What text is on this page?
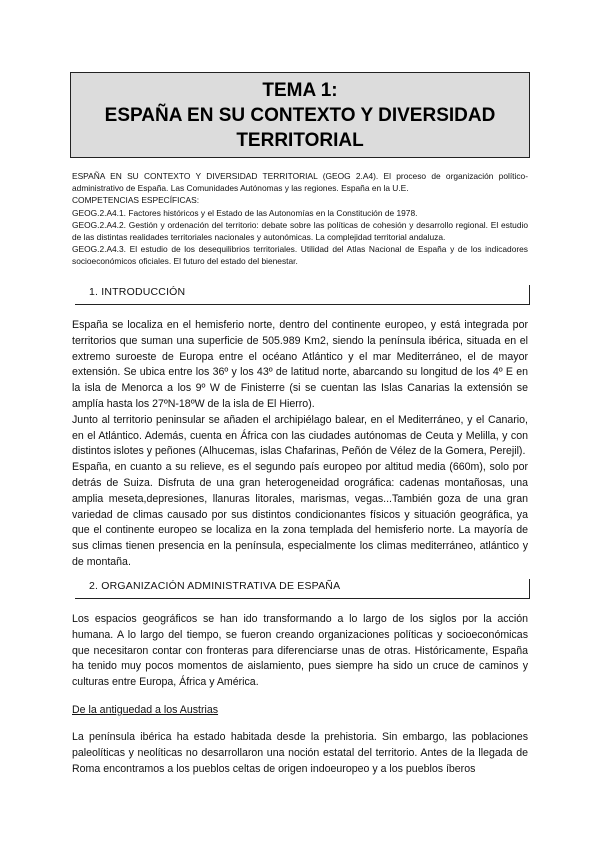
TEMA 1:
ESPAÑA EN SU CONTEXTO Y DIVERSIDAD
TERRITORIAL

ESPAÑA EN SU CONTEXTO Y DIVERSIDAD TERRITORIAL (GEOG 2.A4). El proceso de organización político-administrativo de España. Las Comunidades Autónomas y las regiones. España en la U.E.

COMPETENCIAS ESPECÍFICAS:

GEOG.2.A4.1. Factores históricos y el Estado de las Autonomías en la Constitución de 1978.

GEOG.2.A4.2. Gestión y ordenación del territorio: debate sobre las políticas de cohesión y desarrollo regional. El estudio de las distintas realidades territoriales nacionales y autonómicas. La complejidad territorial andaluza.

GEOG.2.A4.3. El estudio de los desequilibrios territoriales. Utilidad del Atlas Nacional de España y de los indicadores socioeconómicos oficiales. El futuro del estado del bienestar.

1. INTRODUCCIÓN

España se localiza en el hemisferio norte, dentro del continente europeo, y está integrada por territorios que suman una superficie de 505.989 Km2, siendo la península ibérica, situada en el extremo suroeste de Europa entre el océano Atlántico y el mar Mediterráneo, el de mayor extensión. Se ubica entre los 36º y los 43º de latitud norte, abarcando su longitud de los 4º E en la isla de Menorca a los 9º W de Finisterre (si se cuentan las Islas Canarias la extensión se amplía hasta los 27ºN-18ºW de la isla de El Hierro).

Junto al territorio peninsular se añaden el archipiélago balear, en el Mediterráneo, y el Canario, en el Atlántico. Además, cuenta en África con las ciudades autónomas de Ceuta y Melilla, y con distintos islotes y peñones (Alhucemas, islas Chafarinas, Peñón de Vélez de la Gomera, Perejil).

España, en cuanto a su relieve, es el segundo país europeo por altitud media (660m), solo por detrás de Suiza. Disfruta de una gran heterogeneidad orográfica: cadenas montañosas, una amplia meseta,depresiones, llanuras litorales, marismas, vegas...También goza de una gran variedad de climas causado por sus distintos condicionantes físicos y situación geográfica, ya que el continente europeo se localiza en la zona templada del hemisferio norte. La mayoría de sus climas tienen presencia en la península, especialmente los climas mediterráneo, atlántico y de montaña.

2. ORGANIZACIÓN ADMINISTRATIVA DE ESPAÑA

Los espacios geográficos se han ido transformando a lo largo de los siglos por la acción humana. A lo largo del tiempo, se fueron creando organizaciones políticas y socioeconómicas que necesitaron contar con fronteras para diferenciarse unas de otras. Históricamente, España ha tenido muy pocos momentos de aislamiento, pues siempre ha sido un cruce de caminos y culturas entre Europa, África y América.

De la antiguedad a los Austrias

La península ibérica ha estado habitada desde la prehistoria. Sin embargo, las poblaciones paleolíticas y neolíticas no desarrollaron una noción estatal del territorio. Antes de la llegada de Roma encontramos a los pueblos celtas de origen indoeuropeo y a los pueblos íberos
